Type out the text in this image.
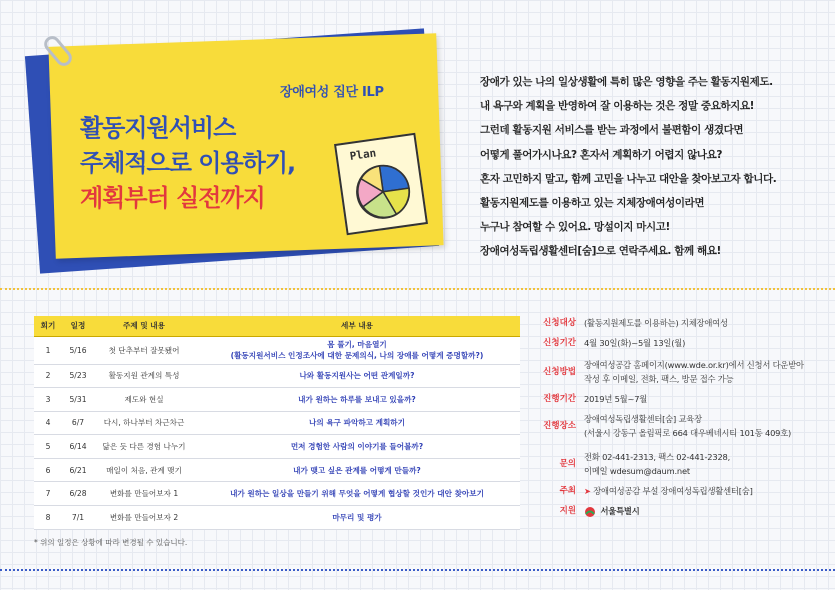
장애여성 집단 ILP
활동지원서비스
주체적으로 이용하기,
계획부터 실전까지
Plan

장애가 있는 나의 일상생활에 특히 많은 영향을 주는 활동지원제도.

내 욕구와 계획을 반영하여 잘 이용하는 것은 정말 중요하지요!

그런데 활동지원 서비스를 받는 과정에서 불편함이 생겼다면

어떻게 풀어가시나요? 혼자서 계획하기 어렵지 않나요?

혼자 고민하지 말고, 함께 고민을 나누고 대안을 찾아보고자 합니다.

활동지원제도를 이용하고 있는 지체장애여성이라면

누구나 참여할 수 있어요. 망설이지 마시고!

장애여성독립생활센터[숨]으로 연락주세요. 함께 해요!

회기	일정	주제 및 내용	세부 내용
1	5/16	첫 단추부터 잘못됐어	몸 풀기, 마음열기
(활동지원서비스 인정조사에 대한 문제의식, 나의 장애를 어떻게 증명할까?)

2	5/23	활동지원 관계의 특성	나와 활동지원사는 어떤 관계일까?
3	5/31	제도와 현실	내가 원하는 하루를 보내고 있을까?
4	6/7	다시, 하나부터 차근차근	나의 욕구 파악하고 계획하기
5	6/14	닮은 듯 다른 경험 나누기	먼저 경험한 사람의 이야기를 들어볼까?
6	6/21	매일이 처음, 관계 맺기	내가 맺고 싶은 관계를 어떻게 만들까?
7	6/28	변화를 만들어보자 1	내가 원하는 일상을 만들기 위해 무엇을 어떻게 협상할 것인가 대안 찾아보기
8	7/1	변화를 만들어보자 2	마무리 및 평가
* 위의 일정은 상황에 따라 변경될 수 있습니다.
신청대상 (활동지원제도를 이용하는) 지체장애여성
신청기간 4월 30일(화)~5월 13일(월)
신청방법
장애여성공감 홈페이지(www.wde.or.kr)에서 신청서 다운받아
작성 후 이메일, 전화, 팩스, 방문 접수 가능
진행기간 2019년 5월~7월
진행장소
장애여성독립생활센터[숨] 교육장
(서울시 강동구 올림픽로 664 대우베네시티 101동 409호)
문의
전화 02-441-2313, 팩스 02-441-2328,
이메일 wdesum@daum.net
주최 ➤ 장애여성공감 부설 장애여성독립생활센터[숨]
지원	서울특별시
